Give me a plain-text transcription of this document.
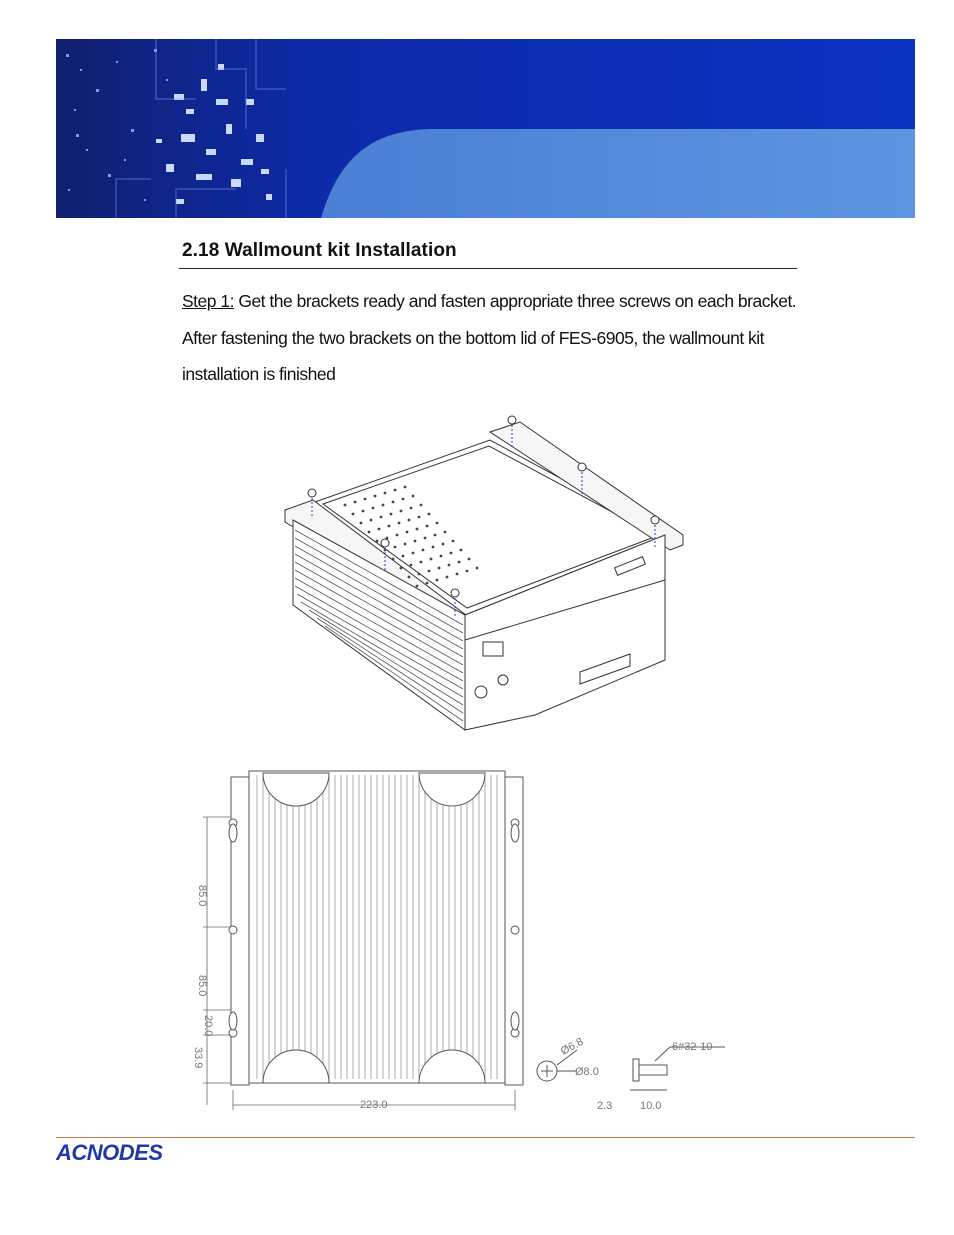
2.18 Wallmount kit Installation

Step 1: Get the brackets ready and fasten appropriate three screws on each bracket. After fastening the two brackets on the bottom lid of FES-6905, the wallmount kit installation is finished

85.0
85.0
20.0
33.9
223.0
Ø6.8
Ø8.0
6#32-10
2.3	10.0
ACNODES
